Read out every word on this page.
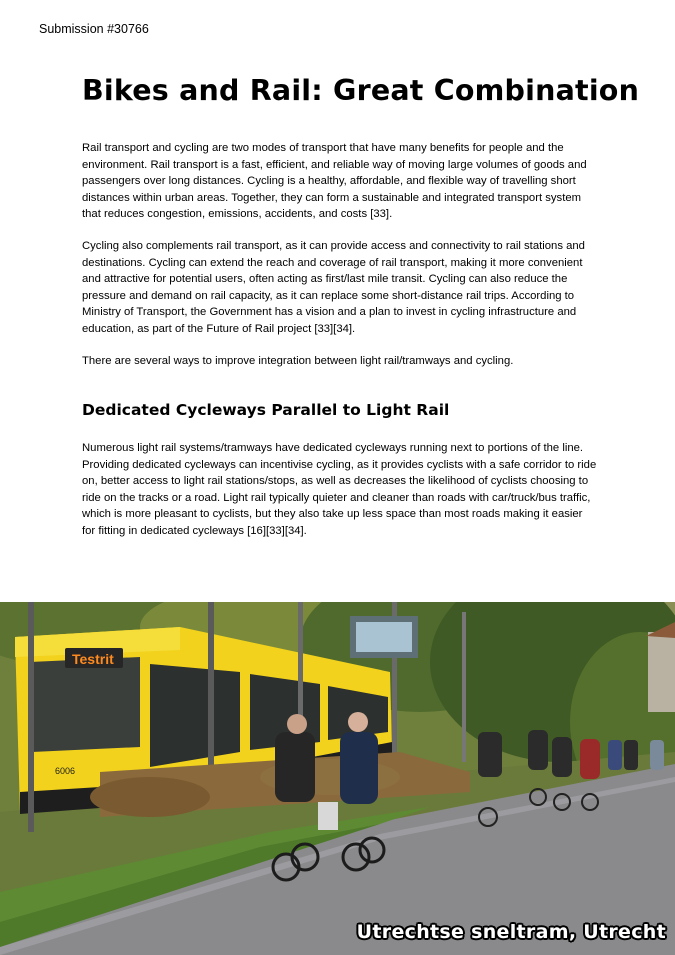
Submission #30766
Bikes and Rail: Great Combination

Rail transport and cycling are two modes of transport that have many benefits for people and the environment. Rail transport is a fast, efficient, and reliable way of moving large volumes of goods and passengers over long distances. Cycling is a healthy, affordable, and flexible way of travelling short distances within urban areas. Together, they can form a sustainable and integrated transport system that reduces congestion, emissions, accidents, and costs [33].

Cycling also complements rail transport, as it can provide access and connectivity to rail stations and destinations. Cycling can extend the reach and coverage of rail transport, making it more convenient and attractive for potential users, often acting as first/last mile transit. Cycling can also reduce the pressure and demand on rail capacity, as it can replace some short-distance rail trips. According to Ministry of Transport, the Government has a vision and a plan to invest in cycling infrastructure and education, as part of the Future of Rail project [33][34].

There are several ways to improve integration between light rail/tramways and cycling.

Dedicated Cycleways Parallel to Light Rail

Numerous light rail systems/tramways have dedicated cycleways running next to portions of the line. Providing dedicated cycleways can incentivise cycling, as it provides cyclists with a safe corridor to ride on, better access to light rail stations/stops, as well as decreases the likelihood of cyclists choosing to ride on the tracks or a road. Light rail typically quieter and cleaner than roads with car/truck/bus traffic, which is more pleasant to cyclists, but they also take up less space than most roads making it easier for fitting in dedicated cycleways [16][33][34].

Testrit
6006
Utrechtse sneltram, Utrecht
